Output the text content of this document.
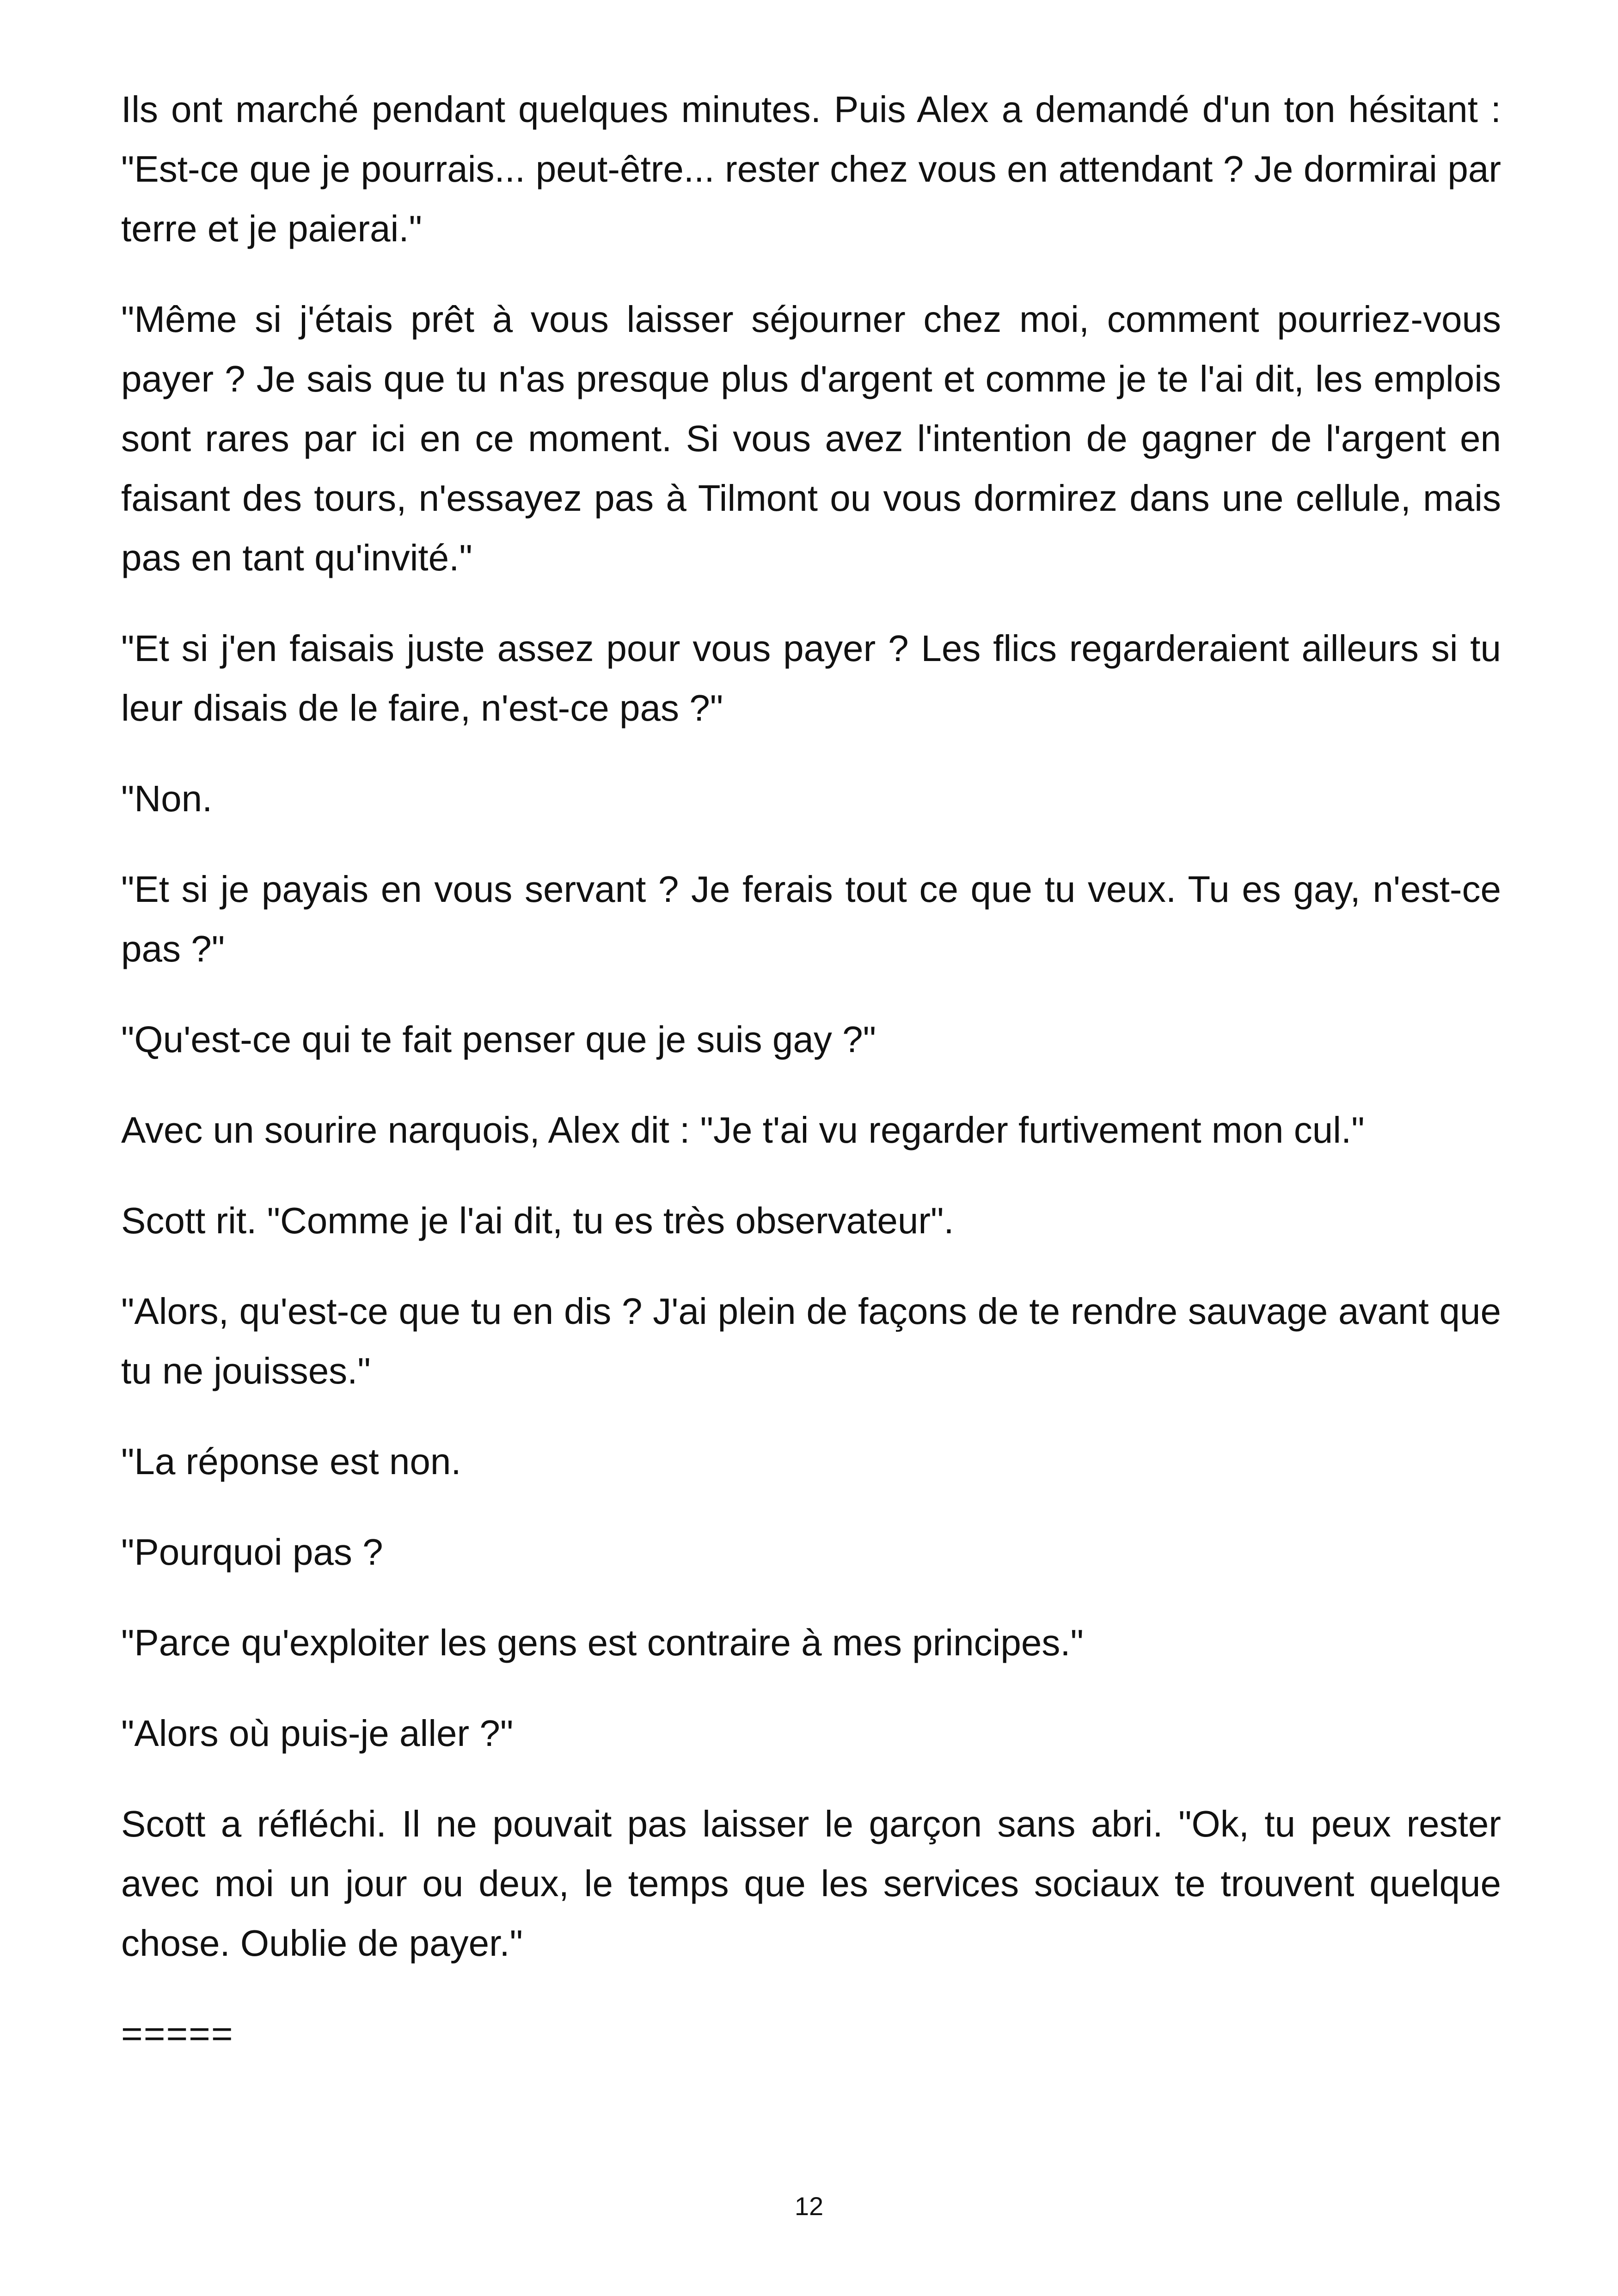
Ils ont marché pendant quelques minutes. Puis Alex a demandé d'un ton hésitant : "Est-ce que je pourrais... peut-être... rester chez vous en attendant ? Je dormirai par terre et je paierai."

"Même si j'étais prêt à vous laisser séjourner chez moi, comment pourriez-vous payer ? Je sais que tu n'as presque plus d'argent et comme je te l'ai dit, les emplois sont rares par ici en ce moment. Si vous avez l'intention de gagner de l'argent en faisant des tours, n'essayez pas à Tilmont ou vous dormirez dans une cellule, mais pas en tant qu'invité."

"Et si j'en faisais juste assez pour vous payer ? Les flics regarderaient ailleurs si tu leur disais de le faire, n'est-ce pas ?"

"Non.

"Et si je payais en vous servant ? Je ferais tout ce que tu veux. Tu es gay, n'est-ce pas ?"

"Qu'est-ce qui te fait penser que je suis gay ?"

Avec un sourire narquois, Alex dit : "Je t'ai vu regarder furtivement mon cul."

Scott rit. "Comme je l'ai dit, tu es très observateur".

"Alors, qu'est-ce que tu en dis ? J'ai plein de façons de te rendre sauvage avant que tu ne jouisses."

"La réponse est non.

"Pourquoi pas ?

"Parce qu'exploiter les gens est contraire à mes principes."

"Alors où puis-je aller ?"

Scott a réfléchi. Il ne pouvait pas laisser le garçon sans abri. "Ok, tu peux rester avec moi un jour ou deux, le temps que les services sociaux te trouvent quelque chose. Oublie de payer."

=====

12
